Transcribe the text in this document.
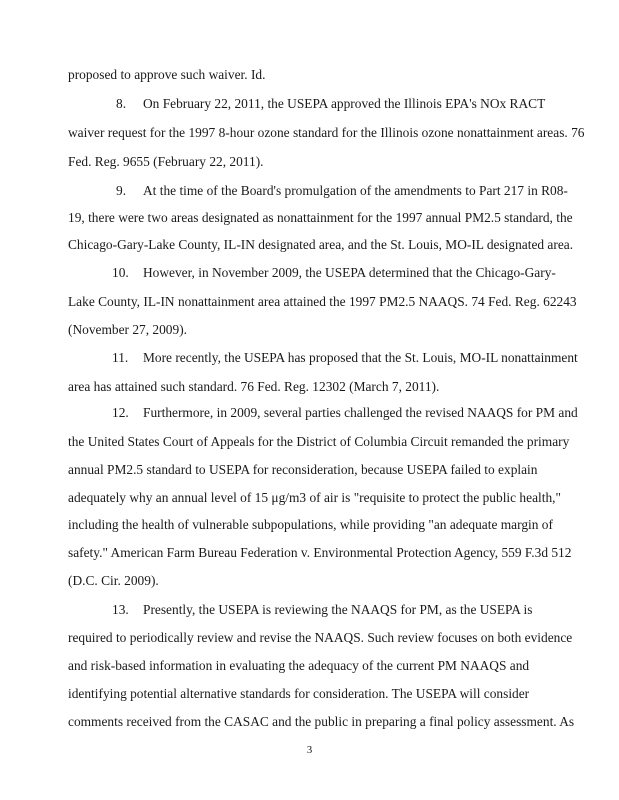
proposed to approve such waiver. Id.
8. On February 22, 2011, the USEPA approved the Illinois EPA's NOx RACT
waiver request for the 1997 8-hour ozone standard for the Illinois ozone nonattainment areas. 76
Fed. Reg. 9655 (February 22, 2011).
9. At the time of the Board's promulgation of the amendments to Part 217 in R08-
19, there were two areas designated as nonattainment for the 1997 annual PM2.5 standard, the
Chicago-Gary-Lake County, IL-IN designated area, and the St. Louis, MO-IL designated area.
10. However, in November 2009, the USEPA determined that the Chicago-Gary-
Lake County, IL-IN nonattainment area attained the 1997 PM2.5 NAAQS. 74 Fed. Reg. 62243
(November 27, 2009).
11. More recently, the USEPA has proposed that the St. Louis, MO-IL nonattainment
area has attained such standard. 76 Fed. Reg. 12302 (March 7, 2011).
12. Furthermore, in 2009, several parties challenged the revised NAAQS for PM and
the United States Court of Appeals for the District of Columbia Circuit remanded the primary
annual PM2.5 standard to USEPA for reconsideration, because USEPA failed to explain
adequately why an annual level of 15 μg/m3 of air is "requisite to protect the public health,"
including the health of vulnerable subpopulations, while providing "an adequate margin of
safety." American Farm Bureau Federation v. Environmental Protection Agency, 559 F.3d 512
(D.C. Cir. 2009).
13. Presently, the USEPA is reviewing the NAAQS for PM, as the USEPA is
required to periodically review and revise the NAAQS. Such review focuses on both evidence
and risk-based information in evaluating the adequacy of the current PM NAAQS and
identifying potential alternative standards for consideration. The USEPA will consider
comments received from the CASAC and the public in preparing a final policy assessment. As
3
